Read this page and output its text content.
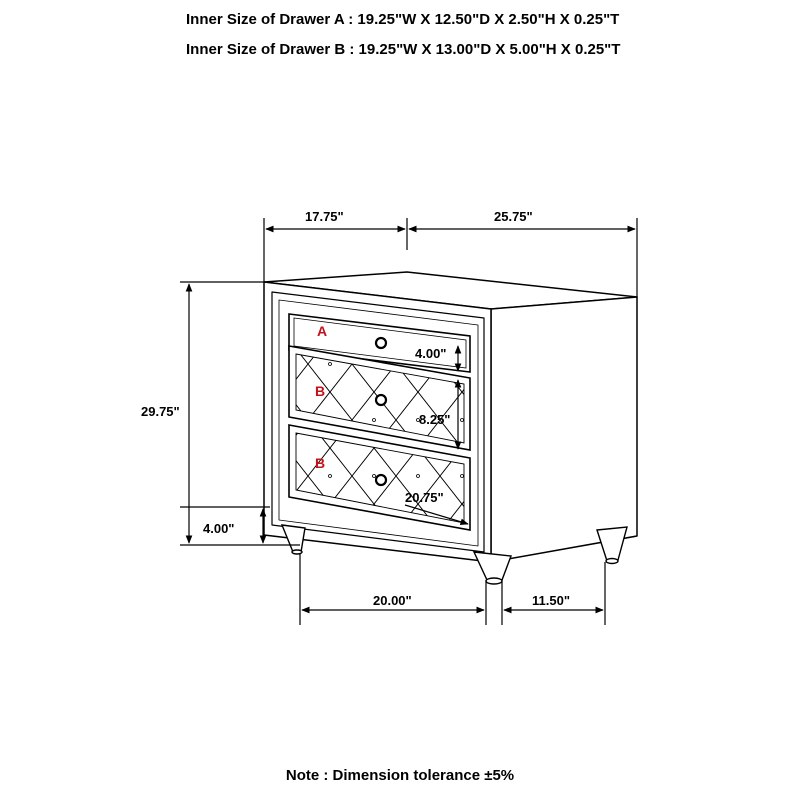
Inner Size of Drawer A : 19.25"W X 12.50"D X 2.50"H X 0.25"T
Inner Size of Drawer B : 19.25"W X 13.00"D X 5.00"H X 0.25"T
A
B
B
17.75"	25.75"
29.75"
4.00"
4.00"
8.25"
20.75"
20.00"	11.50"
Note : Dimension tolerance ±5%
